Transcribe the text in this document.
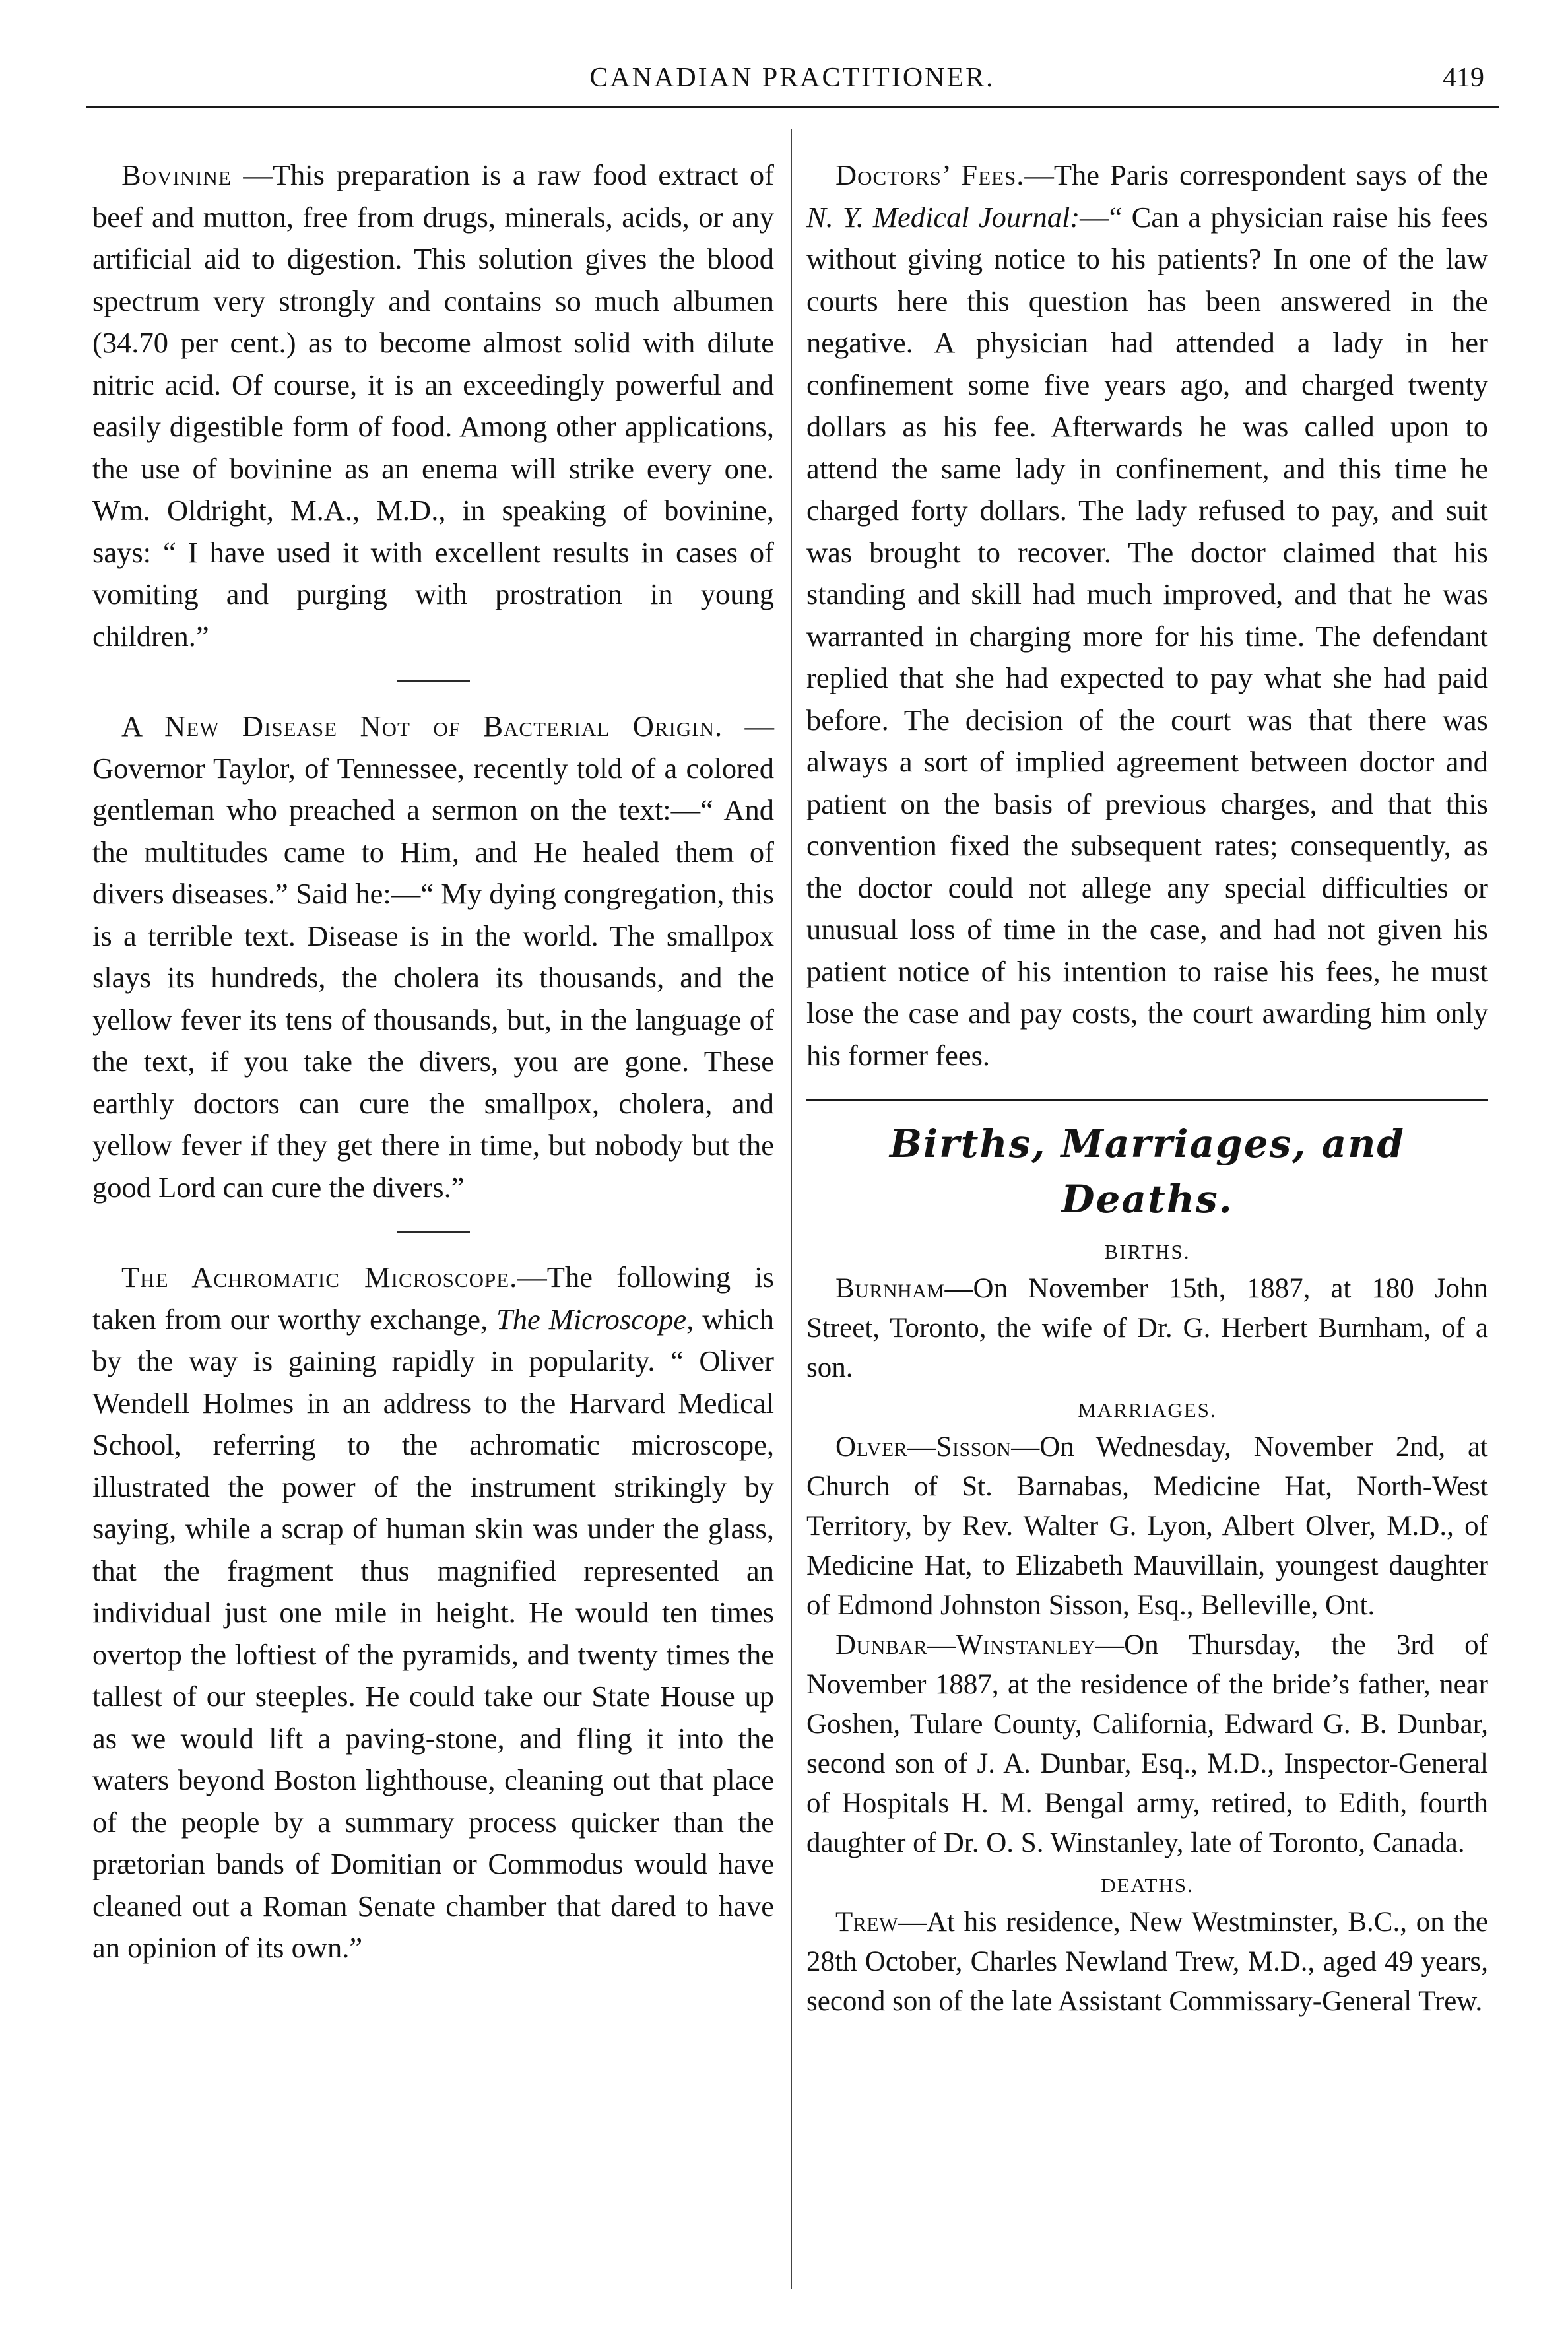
CANADIAN PRACTITIONER.	419

Bovinine —This preparation is a raw food extract of beef and mutton, free from drugs, minerals, acids, or any artificial aid to digestion. This solution gives the blood spectrum very strongly and contains so much albumen (34.70 per cent.) as to become almost solid with dilute nitric acid. Of course, it is an exceedingly powerful and easily digestible form of food. Among other applications, the use of bovinine as an enema will strike every one. Wm. Oldright, M.A., M.D., in speaking of bovinine, says: “ I have used it with excellent results in cases of vomiting and purging with prostration in young children.”

A New Disease Not of Bacterial Origin. —Governor Taylor, of Tennessee, recently told of a colored gentleman who preached a sermon on the text:—“ And the multitudes came to Him, and He healed them of divers diseases.” Said he:—“ My dying congregation, this is a terrible text. Disease is in the world. The smallpox slays its hundreds, the cholera its thousands, and the yellow fever its tens of thousands, but, in the language of the text, if you take the divers, you are gone. These earthly doctors can cure the smallpox, cholera, and yellow fever if they get there in time, but nobody but the good Lord can cure the divers.”

The Achromatic Microscope.—The following is taken from our worthy exchange, The Microscope, which by the way is gaining rapidly in popularity. “ Oliver Wendell Holmes in an address to the Harvard Medical School, referring to the achromatic microscope, illustrated the power of the instrument strikingly by saying, while a scrap of human skin was under the glass, that the fragment thus magnified represented an individual just one mile in height. He would ten times overtop the loftiest of the pyramids, and twenty times the tallest of our steeples. He could take our State House up as we would lift a paving-stone, and fling it into the waters beyond Boston lighthouse, cleaning out that place of the people by a summary process quicker than the prætorian bands of Domitian or Commodus would have cleaned out a Roman Senate chamber that dared to have an opinion of its own.”

Doctors’ Fees.—The Paris correspondent says of the N. Y. Medical Journal:—“ Can a physician raise his fees without giving notice to his patients? In one of the law courts here this question has been answered in the negative. A physician had attended a lady in her confinement some five years ago, and charged twenty dollars as his fee. Afterwards he was called upon to attend the same lady in confinement, and this time he charged forty dollars. The lady refused to pay, and suit was brought to recover. The doctor claimed that his standing and skill had much improved, and that he was warranted in charging more for his time. The defendant replied that she had expected to pay what she had paid before. The decision of the court was that there was always a sort of implied agreement between doctor and patient on the basis of previous charges, and that this convention fixed the subsequent rates; consequently, as the doctor could not allege any special difficulties or unusual loss of time in the case, and had not given his patient notice of his intention to raise his fees, he must lose the case and pay costs, the court awarding him only his former fees.

Births, Marriages, and Deaths.
BIRTHS.

Burnham—On November 15th, 1887, at 180 John Street, Toronto, the wife of Dr. G. Herbert Burnham, of a son.

MARRIAGES.

Olver—Sisson—On Wednesday, November 2nd, at Church of St. Barnabas, Medicine Hat, North-West Territory, by Rev. Walter G. Lyon, Albert Olver, M.D., of Medicine Hat, to Elizabeth Mauvillain, youngest daughter of Edmond Johnston Sisson, Esq., Belleville, Ont.

Dunbar—Winstanley—On Thursday, the 3rd of November 1887, at the residence of the bride’s father, near Goshen, Tulare County, California, Edward G. B. Dunbar, second son of J. A. Dunbar, Esq., M.D., Inspector-General of Hospitals H. M. Bengal army, retired, to Edith, fourth daughter of Dr. O. S. Winstanley, late of Toronto, Canada.

DEATHS.

Trew—At his residence, New Westminster, B.C., on the 28th October, Charles Newland Trew, M.D., aged 49 years, second son of the late Assistant Commissary-General Trew.
